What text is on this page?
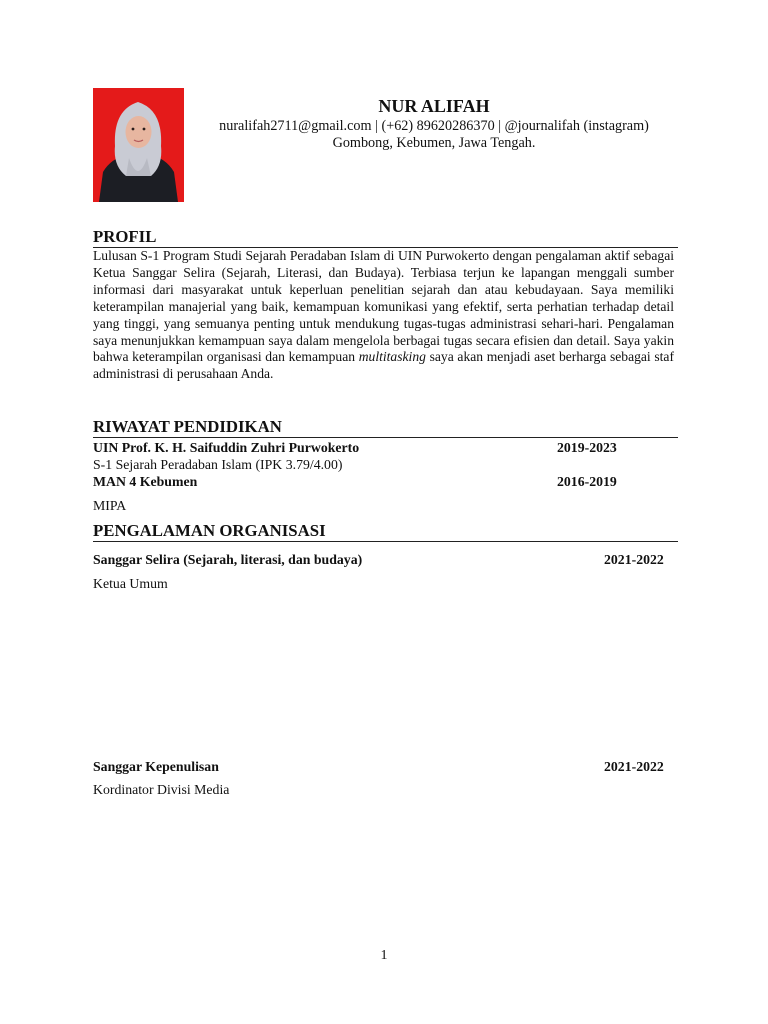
NUR ALIFAH
nuralifah2711@gmail.com | (+62) 89620286370 | @journalifah (instagram)
Gombong, Kebumen, Jawa Tengah.
PROFIL
Lulusan S-1 Program Studi Sejarah Peradaban Islam di UIN Purwokerto dengan pengalaman aktif sebagai Ketua Sanggar Selira (Sejarah, Literasi, dan Budaya). Terbiasa terjun ke lapangan menggali sumber informasi dari masyarakat untuk keperluan penelitian sejarah dan atau kebudayaan. Saya memiliki keterampilan manajerial yang baik, kemampuan komunikasi yang efektif, serta perhatian terhadap detail yang tinggi, yang semuanya penting untuk mendukung tugas-tugas administrasi sehari-hari. Pengalaman saya menunjukkan kemampuan saya dalam mengelola berbagai tugas secara efisien dan detail. Saya yakin bahwa keterampilan organisasi dan kemampuan multitasking saya akan menjadi aset berharga sebagai staf administrasi di perusahaan Anda.
RIWAYAT PENDIDIKAN
UIN Prof. K. H. Saifuddin Zuhri Purwokerto	2019-2023
S-1 Sejarah Peradaban Islam (IPK 3.79/4.00)
MAN 4 Kebumen	2016-2019
MIPA
PENGALAMAN ORGANISASI
Sanggar Selira (Sejarah, literasi, dan budaya)	2021-2022
Ketua Umum
Sanggar Kepenulisan	2021-2022
Kordinator Divisi Media
1
